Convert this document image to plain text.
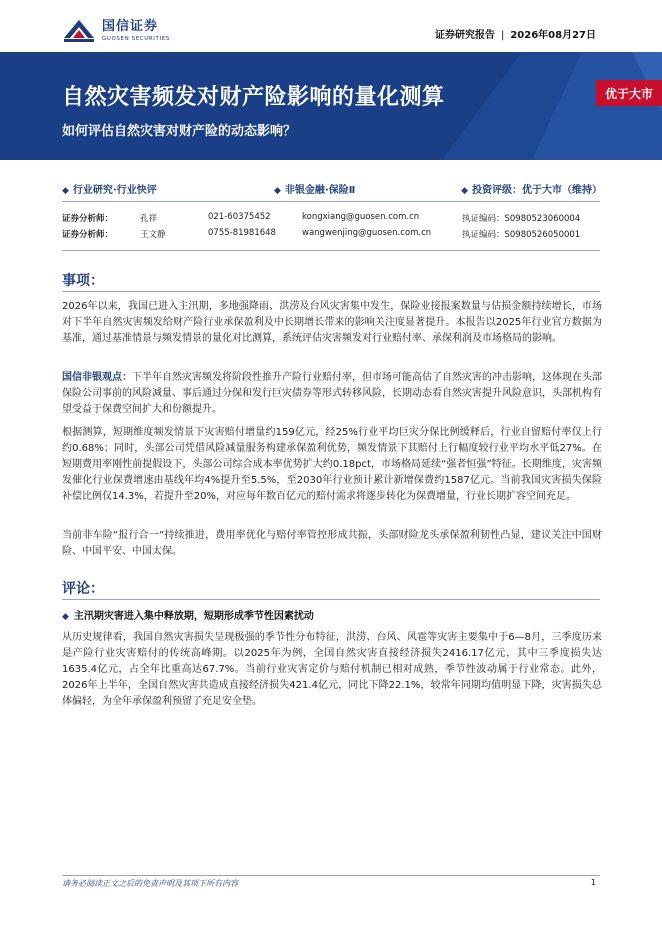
国信证券
GUOSEN SECURITIES	证券研究报告 | 2026年08月27日
自然灾害频发对财产险影响的量化测算
如何评估自然灾害对财产险的动态影响？
优于大市
◆ 行业研究·行业快评	◆ 非银金融·保险Ⅱ	◆ 投资评级：优于大市（维持）
证券分析师：	孔祥	021-60375452	kongxiang@guosen.com.cn	执证编码：S0980523060004
证券分析师：	王文静	0755-81981648	wangwenjing@guosen.com.cn	执证编码：S0980526050001
事项：
2026年以来，我国已进入主汛期，多地强降雨、洪涝及台风灾害集中发生，保险业接报案数量与估损金额持续增长，市场对下半年自然灾害频发给财产险行业承保盈利及中长期增长带来的影响关注度显著提升。本报告以2025年行业官方数据为基准，通过基准情景与频发情景的量化对比测算，系统评估灾害频发对行业赔付率、承保利润及市场格局的影响。
国信非银观点：下半年自然灾害频发将阶段性推升产险行业赔付率，但市场可能高估了自然灾害的冲击影响，这体现在头部保险公司事前的风险减量、事后通过分保和发行巨灾债券等形式转移风险，长期动态看自然灾害提升风险意识，头部机构有望受益于保费空间扩大和份额提升。
根据测算，短期维度频发情景下灾害赔付增量约159亿元，经25%行业平均巨灾分保比例缓释后，行业自留赔付率仅上行约0.68%；同时，头部公司凭借风险减量服务构建承保盈利优势，频发情景下其赔付上行幅度较行业平均水平低27%。在短期费用率刚性前提假设下，头部公司综合成本率优势扩大约0.18pct，市场格局延续“强者恒强”特征。长期维度，灾害频发催化行业保费增速由基线年均4%提升至5.5%，至2030年行业预计累计新增保费约1587亿元。当前我国灾害损失保险补偿比例仅14.3%，若提升至20%，对应每年数百亿元的赔付需求将逐步转化为保费增量，行业长期扩容空间充足。
当前非车险“报行合一”持续推进，费用率优化与赔付率管控形成共振，头部财险龙头承保盈利韧性凸显，建议关注中国财险、中国平安、中国太保。
评论：
◆ 主汛期灾害进入集中释放期，短期形成季节性因素扰动
从历史规律看，我国自然灾害损失呈现极强的季节性分布特征，洪涝、台风、风雹等灾害主要集中于6—8月，三季度历来是产险行业灾害赔付的传统高峰期。以2025年为例，全国自然灾害直接经济损失2416.17亿元，其中三季度损失达1635.4亿元，占全年比重高达67.7%。当前行业灾害定价与赔付机制已相对成熟，季节性波动属于行业常态。此外，2026年上半年，全国自然灾害共造成直接经济损失421.4亿元，同比下降22.1%，较常年同期均值明显下降，灾害损失总体偏轻，为全年承保盈利预留了充足安全垫。
请务必阅读正文之后的免责声明及其项下所有内容	1
